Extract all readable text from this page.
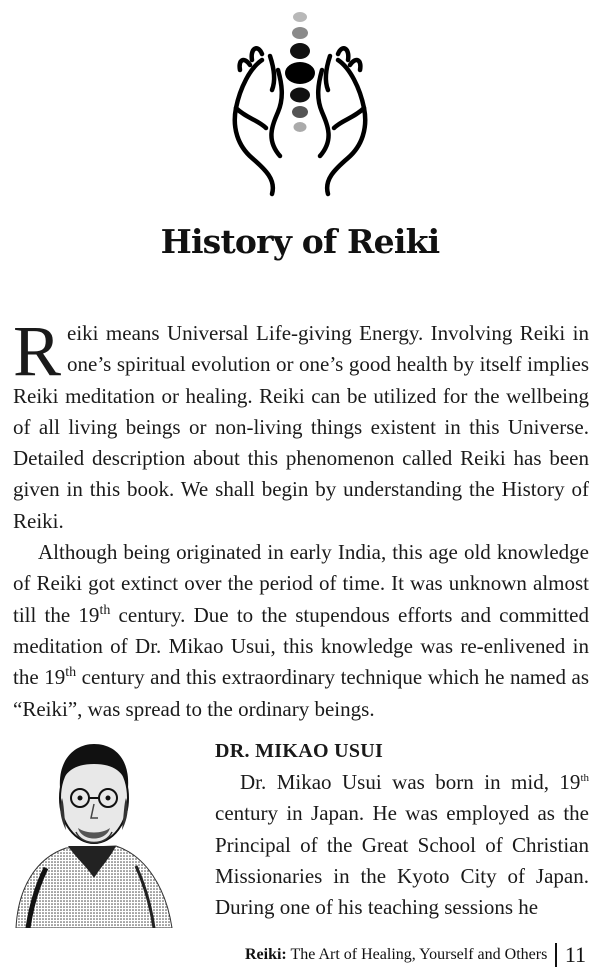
History of Reiki

Reiki means Universal Life-giving Energy. Involving Reiki in one’s spiritual evolution or one’s good health by itself implies Reiki meditation or healing. Reiki can be utilized for the wellbeing of all living beings or non-living things existent in this Universe. Detailed description about this phenomenon called Reiki has been given in this book. We shall begin by understanding the History of Reiki.

Although being originated in early India, this age old knowledge of Reiki got extinct over the period of time. It was unknown almost till the 19th century. Due to the stupendous efforts and committed meditation of Dr. Mikao Usui, this knowledge was re-enlivened in the 19th century and this extraordinary technique which he named as “Reiki”, was spread to the ordinary beings.

DR. MIKAO USUI

Dr. Mikao Usui was born in mid, 19th century in Japan. He was employed as the Principal of the Great School of Christian Missionaries in the Kyoto City of Japan. During one of his teaching sessions he

Reiki: The Art of Healing, Yourself and Others 11
